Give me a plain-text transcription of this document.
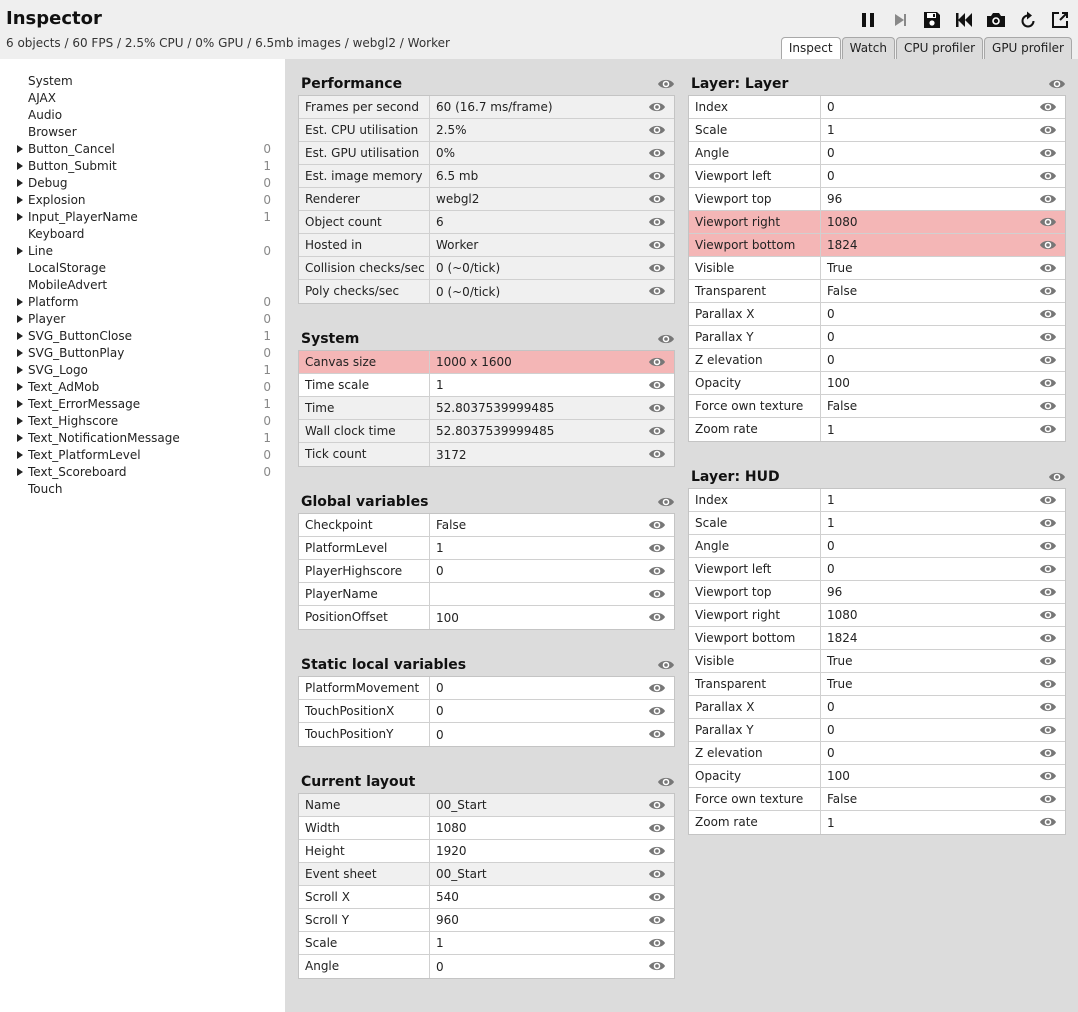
Inspector
6 objects / 60 FPS / 2.5% CPU / 0% GPU / 6.5mb images / webgl2 / Worker	Inspect	Watch	CPU profiler	GPU profiler
System
AJAX
Audio
Browser
Button_Cancel	0
Button_Submit	1
Debug	0
Explosion	0
Input_PlayerName	1
Keyboard
Line	0
LocalStorage
MobileAdvert
Platform	0
Player	0
SVG_ButtonClose	1
SVG_ButtonPlay	0
SVG_Logo	1
Text_AdMob	0
Text_ErrorMessage	1
Text_Highscore	0
Text_NotificationMessage	1
Text_PlatformLevel	0
Text_Scoreboard	0
Touch
Performance
Frames per second	60 (16.7 ms/frame)
Est. CPU utilisation	2.5%
Est. GPU utilisation	0%
Est. image memory	6.5 mb
Renderer	webgl2
Object count	6
Hosted in	Worker
Collision checks/sec 0 (~0/tick)
Poly checks/sec	0 (~0/tick)
System
Canvas size	1000 x 1600
Time scale	1
Time	52.8037539999485
Wall clock time	52.8037539999485
Tick count	3172
Global variables
Checkpoint	False
PlatformLevel	1
PlayerHighscore	0
PlayerName
PositionOffset	100
Static local variables
PlatformMovement	0
TouchPositionX	0
TouchPositionY	0
Current layout
Name	00_Start
Width	1080
Height	1920
Event sheet	00_Start
Scroll X	540
Scroll Y	960
Scale	1
Angle	0
Layer: Layer
Index	0
Scale	1
Angle	0
Viewport left	0
Viewport top	96
Viewport right	1080
Viewport bottom	1824
Visible	True
Transparent	False
Parallax X	0
Parallax Y	0
Z elevation	0
Opacity	100
Force own texture	False
Zoom rate	1
Layer: HUD
Index	1
Scale	1
Angle	0
Viewport left	0
Viewport top	96
Viewport right	1080
Viewport bottom	1824
Visible	True
Transparent	True
Parallax X	0
Parallax Y	0
Z elevation	0
Opacity	100
Force own texture	False
Zoom rate	1
